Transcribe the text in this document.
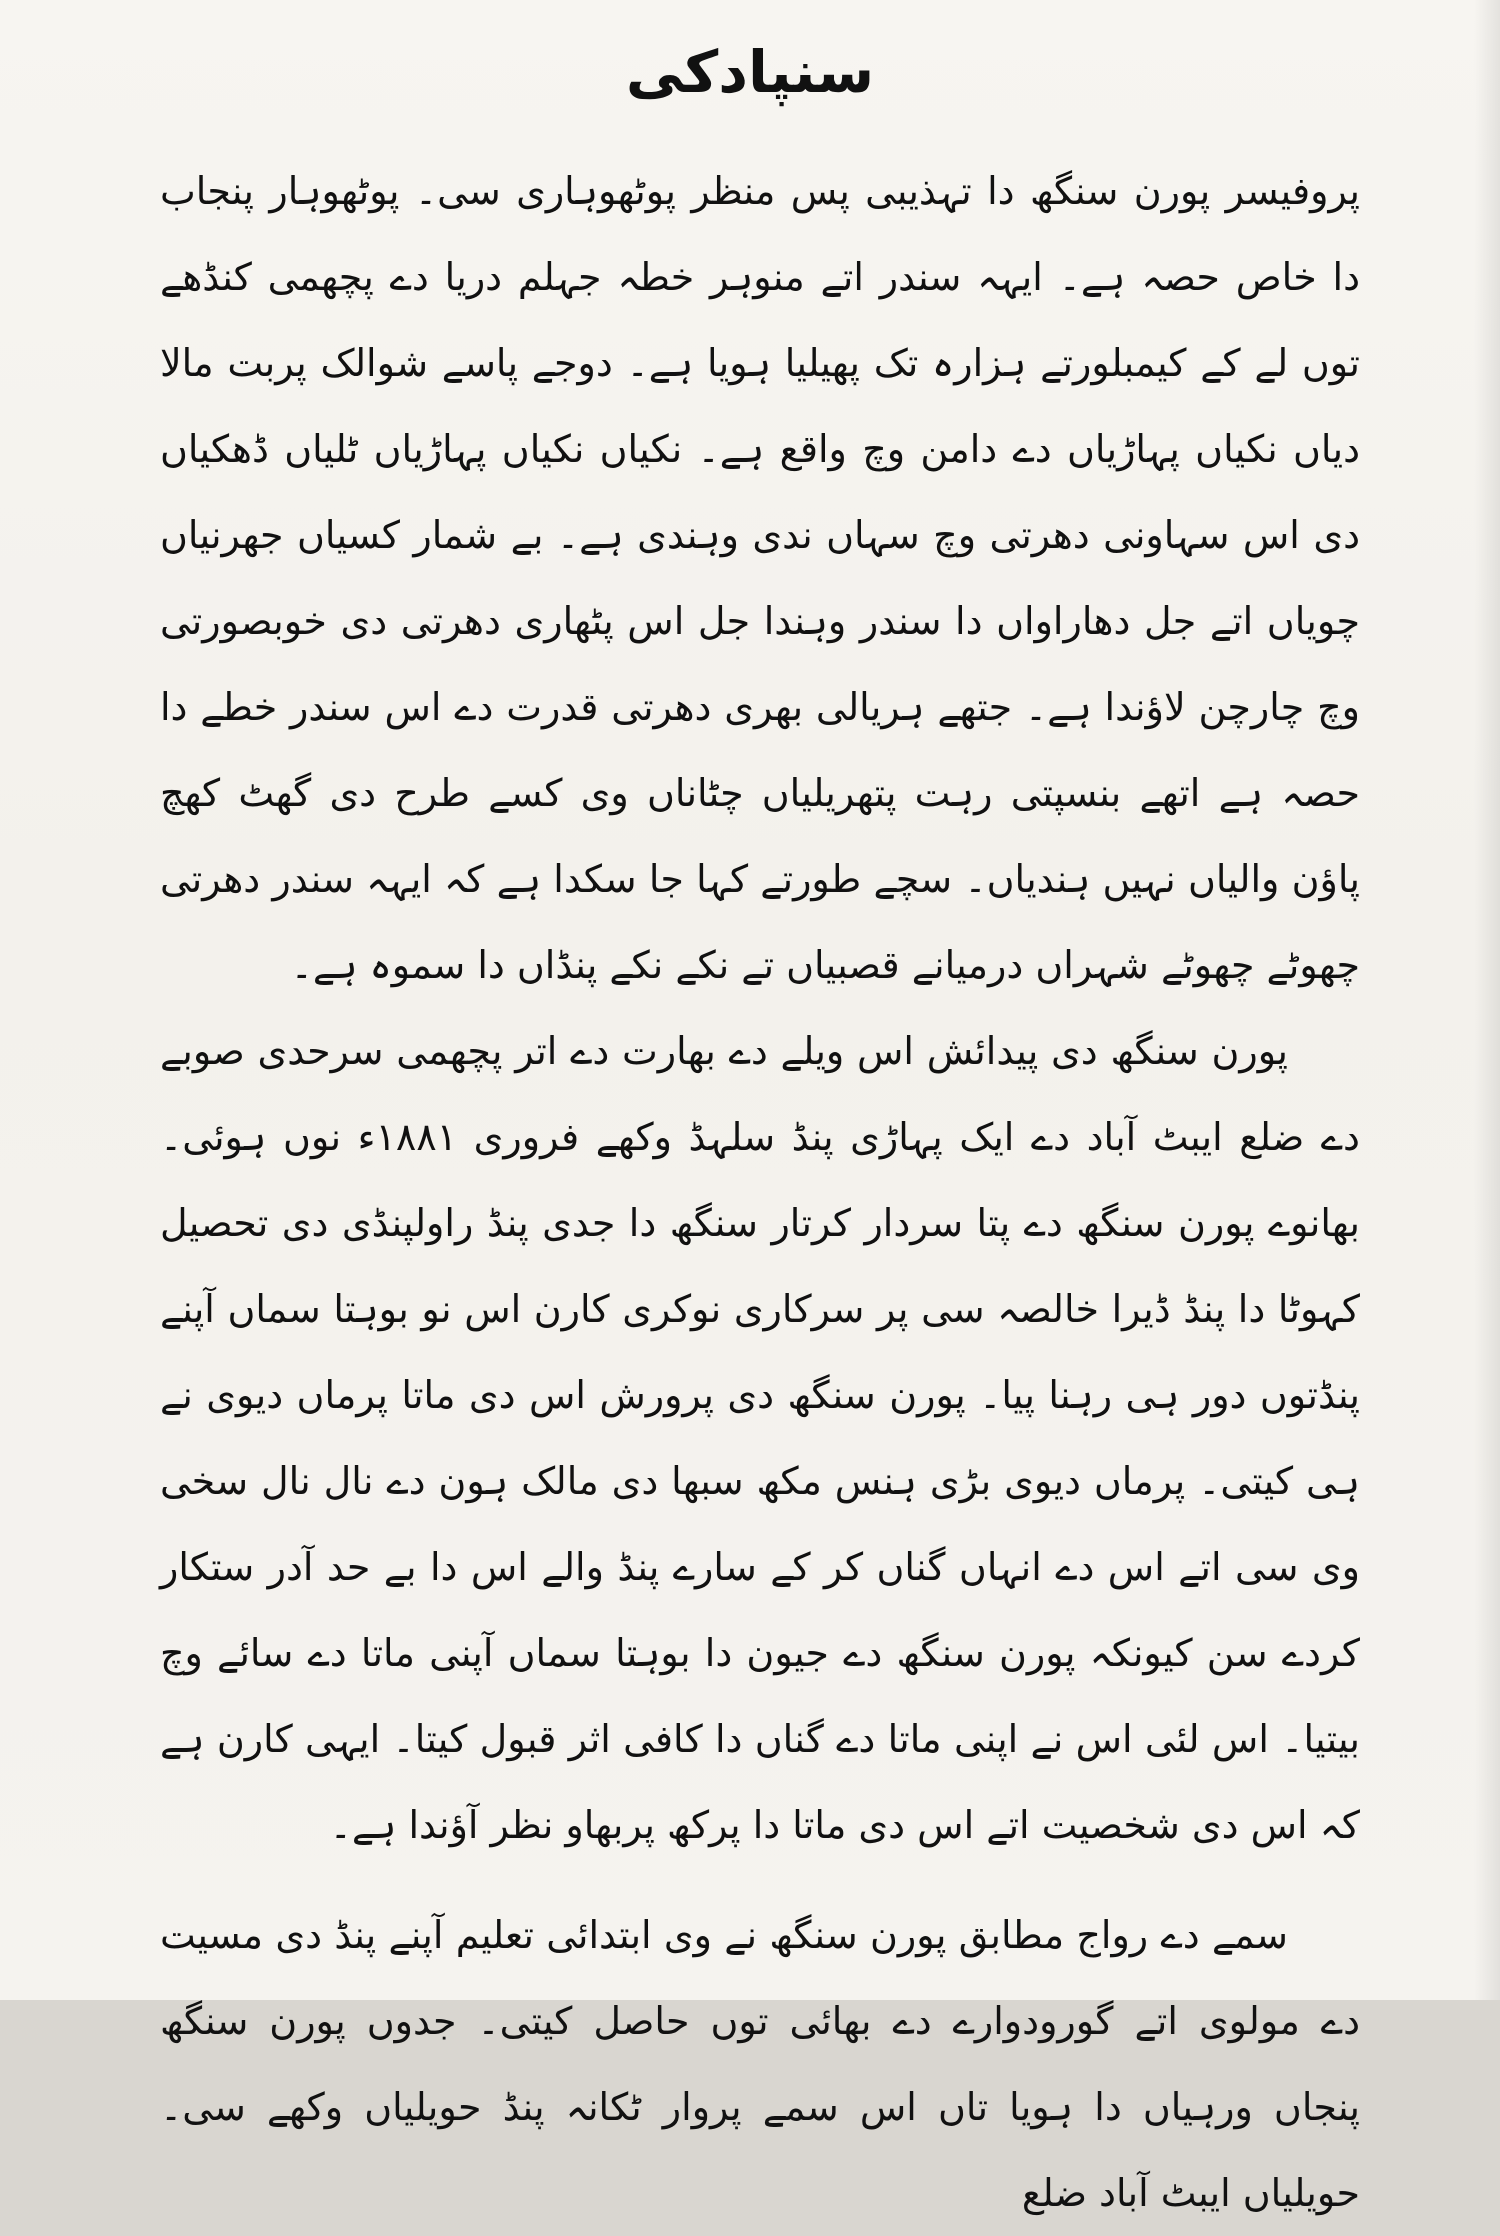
سنپادکی

پروفیسر پورن سنگھ دا تہذیبی پس منظر پوٹھوہاری سی۔ پوٹھوہار پنجاب دا خاص حصہ ہے۔ ایہہ سندر اتے منوہر خطہ جہلم دریا دے پچھمی کنڈھے توں لے کے کیمبلورتے ہزارہ تک پھیلیا ہویا ہے۔ دوجے پاسے شوالک پربت مالا دیاں نکیاں پہاڑیاں دے دامن وچ واقع ہے۔ نکیاں نکیاں پہاڑیاں ٹلیاں ڈھکیاں دی اس سہاونی دھرتی وچ سہاں ندی وہندی ہے۔ بے شمار کسیاں جھرنیاں چویاں اتے جل دھاراواں دا سندر وہندا جل اس پٹھاری دھرتی دی خوبصورتی وچ چارچن لاؤندا ہے۔ جتھے ہریالی بھری دھرتی قدرت دے اس سندر خطے دا حصہ ہے اتھے بنسپتی رہت پتھریلیاں چٹاناں وی کسے طرح دی گھٹ کھچ پاؤن والیاں نہیں ہندیاں۔ سچے طورتے کہا جا سکدا ہے کہ ایہہ سندر دھرتی چھوٹے چھوٹے شہراں درمیانے قصبیاں تے نکے نکے پنڈاں دا سموہ ہے۔

پورن سنگھ دی پیدائش اس ویلے دے بھارت دے اتر پچھمی سرحدی صوبے دے ضلع ایبٹ آباد دے ایک پہاڑی پنڈ سلہڈ وکھے فروری ۱۸۸۱ء نوں ہوئی۔ بھانوے پورن سنگھ دے پتا سردار کرتار سنگھ دا جدی پنڈ راولپنڈی دی تحصیل کہوٹا دا پنڈ ڈیرا خالصہ سی پر سرکاری نوکری کارن اس نو بوہتا سماں آپنے پنڈتوں دور ہی رہنا پیا۔ پورن سنگھ دی پرورش اس دی ماتا پرماں دیوی نے ہی کیتی۔ پرماں دیوی بڑی ہنس مکھ سبھا دی مالک ہون دے نال نال سخی وی سی اتے اس دے انہاں گناں کر کے سارے پنڈ والے اس دا بے حد آدر ستکار کردے سن کیونکہ پورن سنگھ دے جیون دا بوہتا سماں آپنی ماتا دے سائے وچ بیتیا۔ اس لئی اس نے اپنی ماتا دے گناں دا کافی اثر قبول کیتا۔ ایہی کارن ہے کہ اس دی شخصیت اتے اس دی ماتا دا پرکھ پربھاو نظر آؤندا ہے۔

سمے دے رواج مطابق پورن سنگھ نے وی ابتدائی تعلیم آپنے پنڈ دی مسیت دے مولوی اتے گورودوارے دے بھائی توں حاصل کیتی۔ جدوں پورن سنگھ پنجاں ورہیاں دا ہویا تاں اس سمے پروار ٹکانہ پنڈ حویلیاں وکھے سی۔ حویلیاں ایبٹ آباد ضلع
